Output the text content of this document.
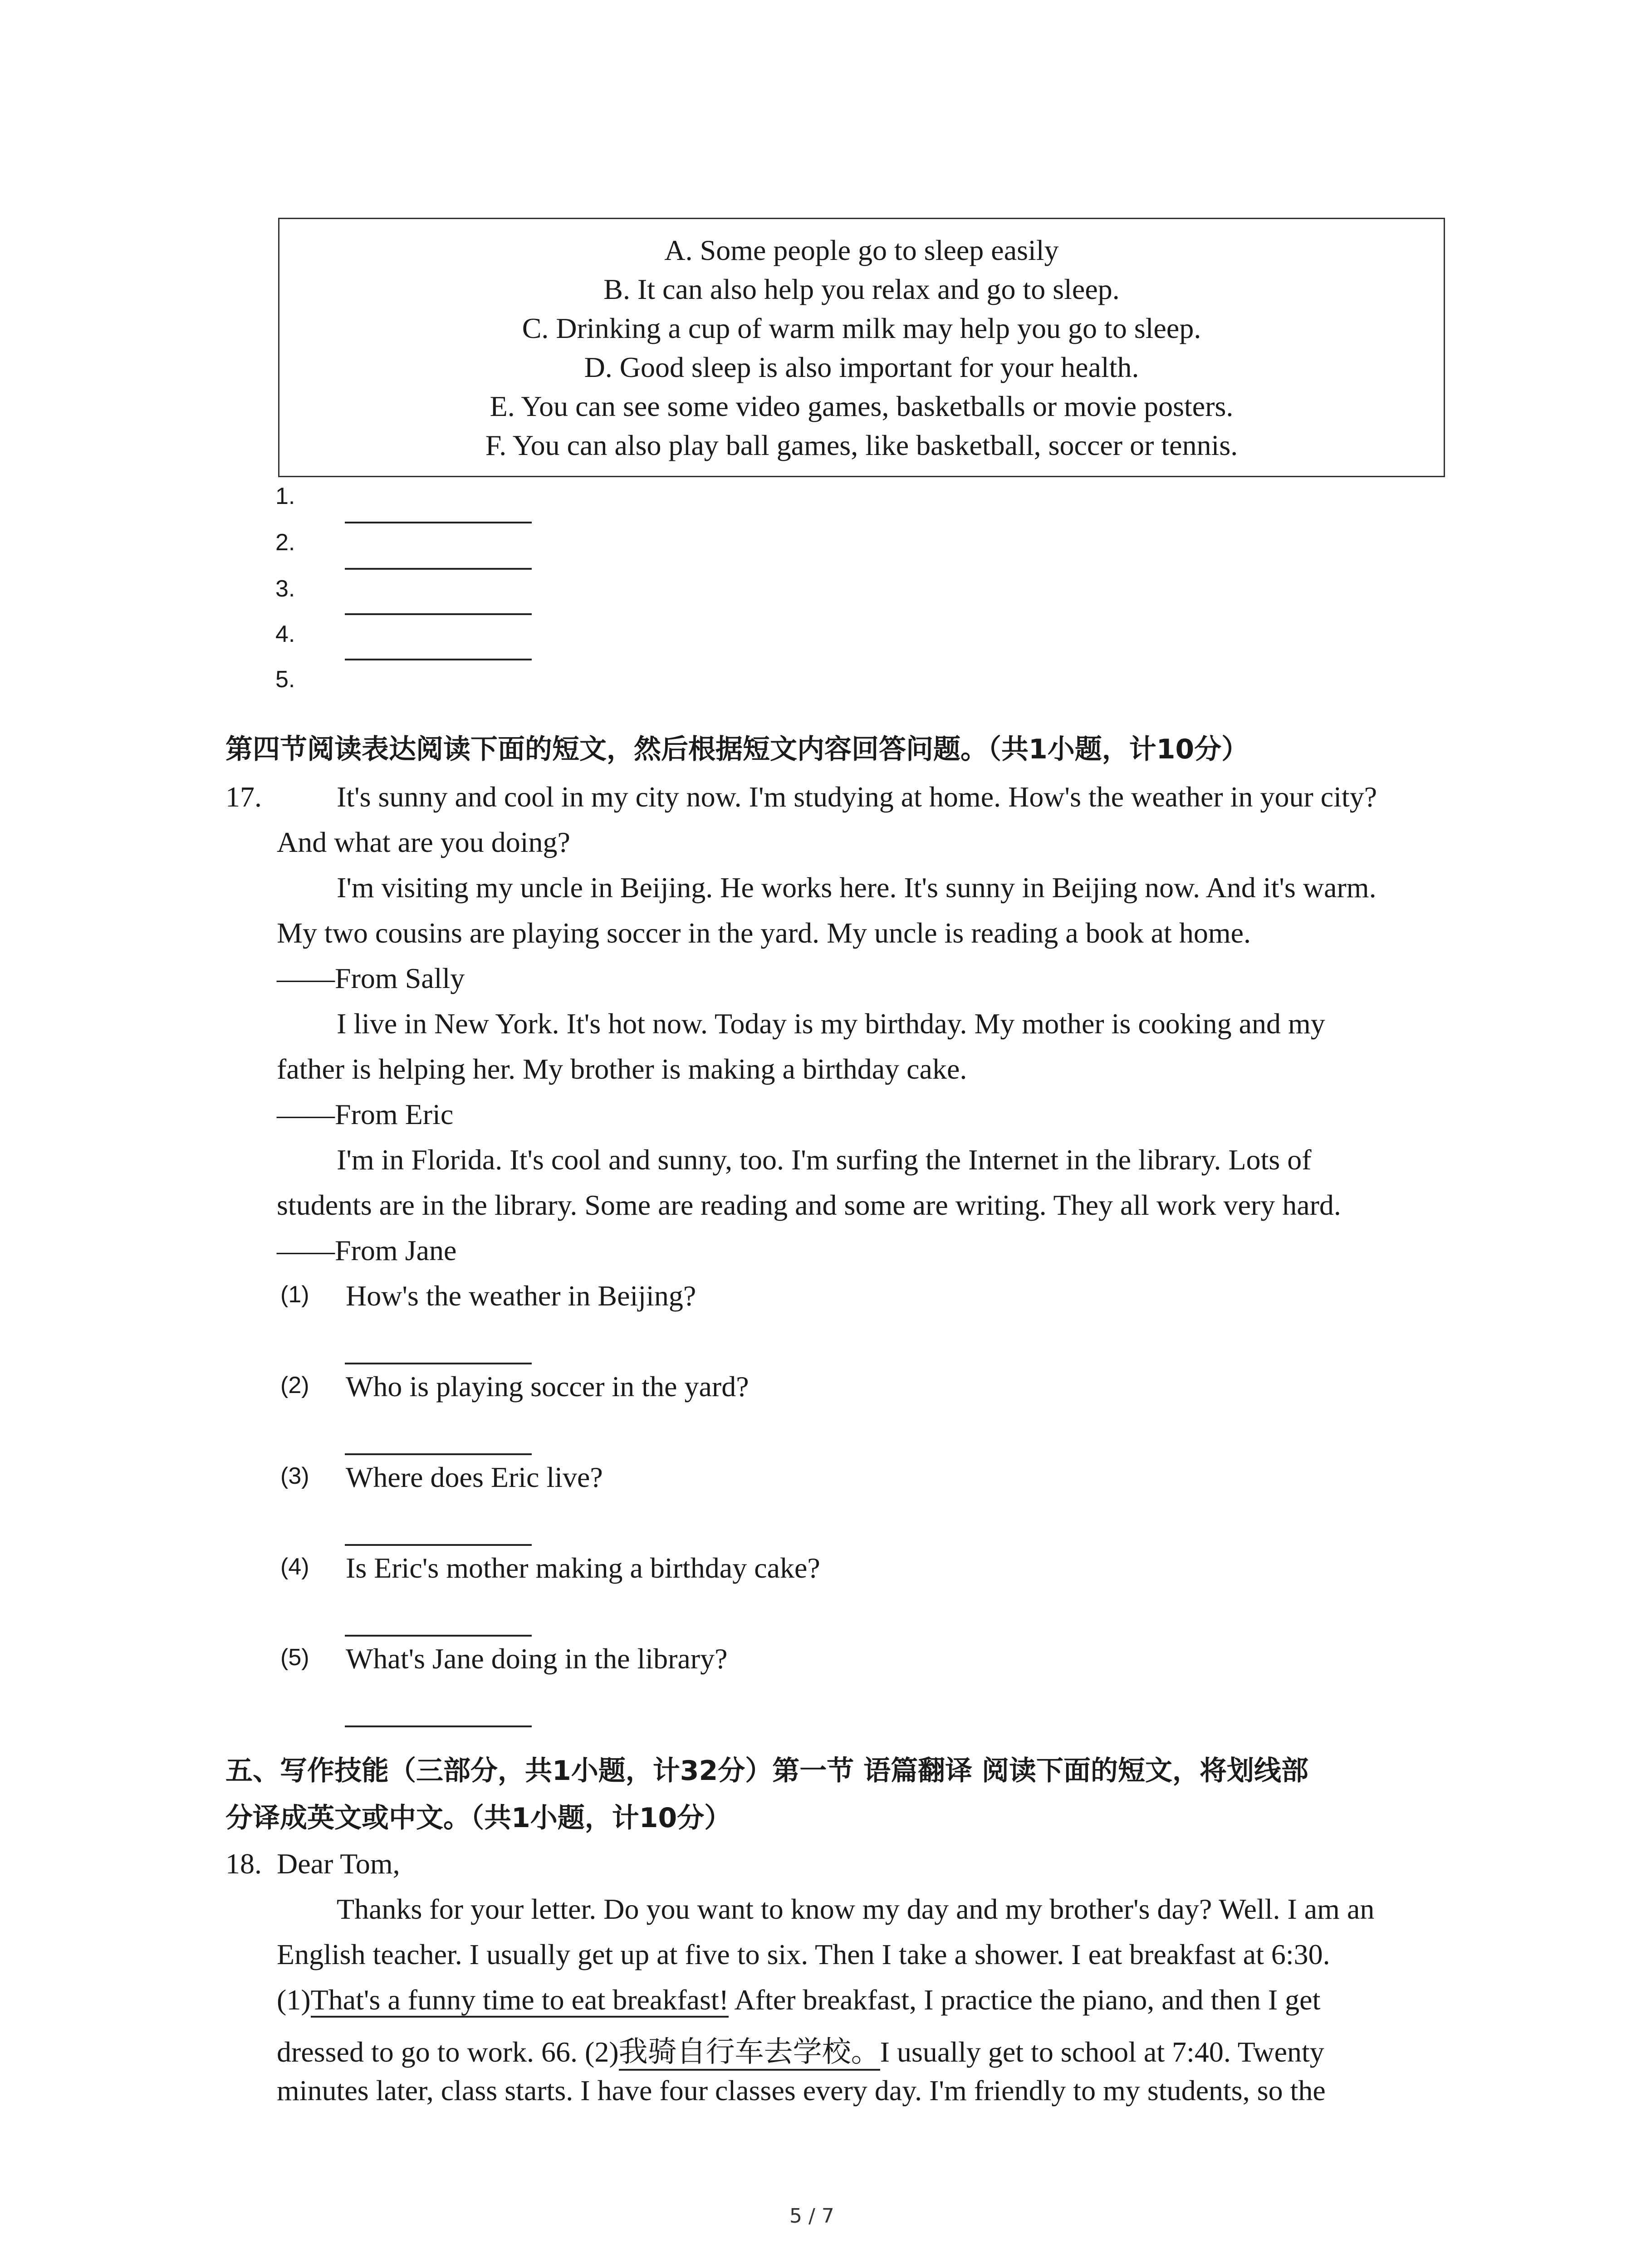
A. Some people go to sleep easily
B. It can also help you relax and go to sleep.
C. Drinking a cup of warm milk may help you go to sleep.
D. Good sleep is also important for your health.
E. You can see some video games, basketballs or movie posters.
F. You can also play ball games, like basketball, soccer or tennis.
1.
2.
3.
4.
5.
第四节阅读表达阅读下面的短文，然后根据短文内容回答问题。（共1小题，计10分）
17.	It's sunny and cool in my city now. I'm studying at home. How's the weather in your city?
And what are you doing?
I'm visiting my uncle in Beijing. He works here. It's sunny in Beijing now. And it's warm.
My two cousins are playing soccer in the yard. My uncle is reading a book at home.
——From Sally
I live in New York. It's hot now. Today is my birthday. My mother is cooking and my
father is helping her. My brother is making a birthday cake.
——From Eric
I'm in Florida. It's cool and sunny, too. I'm surfing the Internet in the library. Lots of
students are in the library. Some are reading and some are writing. They all work very hard.
——From Jane
(1) How's the weather in Beijing?
(2) Who is playing soccer in the yard?
(3) Where does Eric live?
(4) Is Eric's mother making a birthday cake?
(5) What's Jane doing in the library?
五、写作技能（三部分，共1小题，计32分）第一节 语篇翻译 阅读下面的短文，将划线部
分译成英文或中文。（共1小题，计10分）
18. Dear Tom,
Thanks for your letter. Do you want to know my day and my brother's day? Well. I am an
English teacher. I usually get up at five to six. Then I take a shower. I eat breakfast at 6:30.
(1)That's a funny time to eat breakfast! After breakfast, I practice the piano, and then I get
dressed to go to work. 66. (2)我骑自行车去学校。I usually get to school at 7:40. Twenty
minutes later, class starts. I have four classes every day. I'm friendly to my students, so the
5 / 7
